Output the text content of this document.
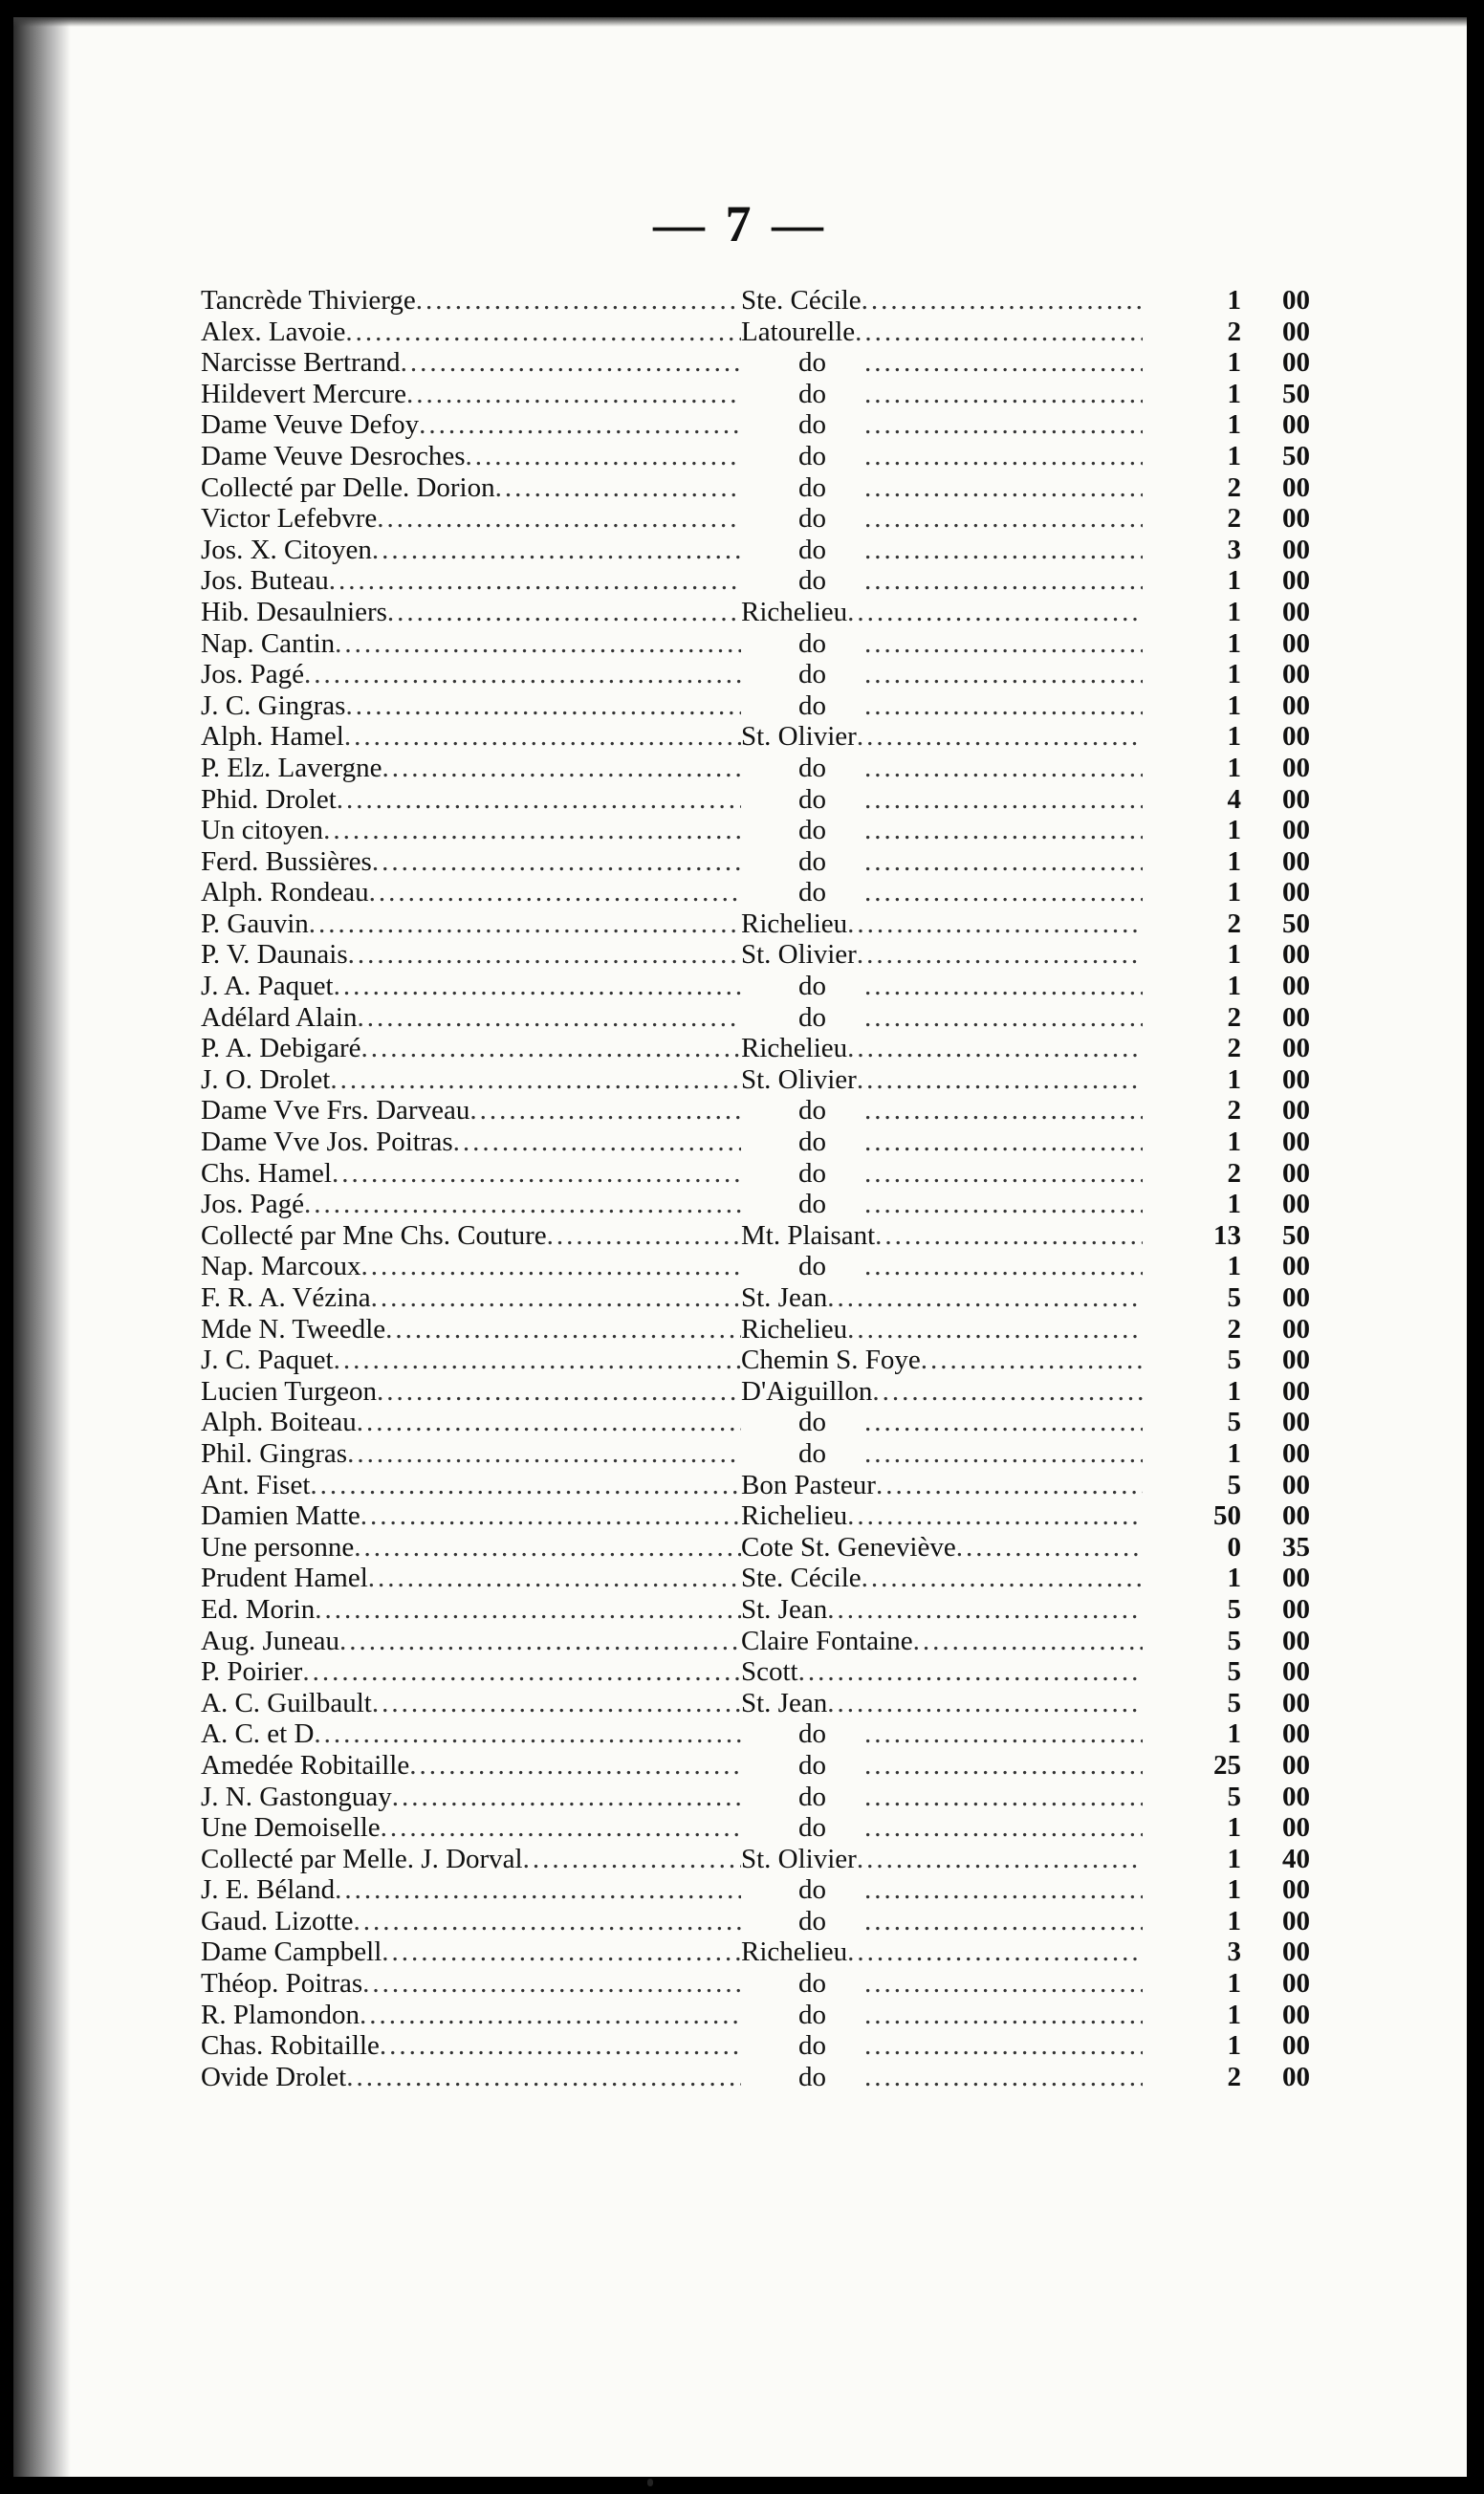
— 7 —
Tancrède Thivierge .....	Ste. Cécile .....	1	00
Alex. Lavoie .....	Latourelle .....	2	00
Narcisse Bertrand .....	do .....	1	00
Hildevert Mercure .....	do .....	1	50
Dame Veuve Defoy .....	do .....	1	00
Dame Veuve Desroches .....	do .....	1	50
Collecté par Delle. Dorion .....	do .....	2	00
Victor Lefebvre .....	do .....	2	00
Jos. X. Citoyen .....	do .....	3	00
Jos. Buteau .....	do .....	1	00
Hib. Desaulniers .....	Richelieu .....	1	00
Nap. Cantin .....	do .....	1	00
Jos. Pagé .....	do .....	1	00
J. C. Gingras .....	do .....	1	00
Alph. Hamel .....	St. Olivier .....	1	00
P. Elz. Lavergne .....	do .....	1	00
Phid. Drolet .....	do .....	4	00
Un citoyen .....	do .....	1	00
Ferd. Bussières .....	do .....	1	00
Alph. Rondeau .....	do .....	1	00
P. Gauvin .....	Richelieu .....	2	50
P. V. Daunais .....	St. Olivier .....	1	00
J. A. Paquet .....	do .....	1	00
Adélard Alain .....	do .....	2	00
P. A. Debigaré .....	Richelieu .....	2	00
J. O. Drolet .....	St. Olivier .....	1	00
Dame Vve Frs. Darveau .....	do .....	2	00
Dame Vve Jos. Poitras .....	do .....	1	00
Chs. Hamel .....	do .....	2	00
Jos. Pagé .....	do .....	1	00
Collecté par Mne Chs. Couture .....	Mt. Plaisant .....	13	50
Nap. Marcoux .....	do .....	1	00
F. R. A. Vézina .....	St. Jean .....	5	00
Mde N. Tweedle .....	Richelieu .....	2	00
J. C. Paquet .....	Chemin S. Foye .....	5	00
Lucien Turgeon .....	D'Aiguillon .....	1	00
Alph. Boiteau .....	do .....	5	00
Phil. Gingras .....	do .....	1	00
Ant. Fiset .....	Bon Pasteur .....	5	00
Damien Matte .....	Richelieu .....	50	00
Une personne .....	Cote St. Geneviève .....	0	35
Prudent Hamel .....	Ste. Cécile .....	1	00
Ed. Morin .....	St. Jean .....	5	00
Aug. Juneau .....	Claire Fontaine .....	5	00
P. Poirier .....	Scott .....	5	00
A. C. Guilbault .....	St. Jean .....	5	00
A. C. et D .....	do .....	1	00
Amedée Robitaille .....	do .....	25	00
J. N. Gastonguay .....	do .....	5	00
Une Demoiselle .....	do .....	1	00
Collecté par Melle. J. Dorval .....	St. Olivier .....	1	40
J. E. Béland .....	do .....	1	00
Gaud. Lizotte .....	do .....	1	00
Dame Campbell .....	Richelieu .....	3	00
Théop. Poitras .....	do .....	1	00
R. Plamondon .....	do .....	1	00
Chas. Robitaille .....	do .....	1	00
Ovide Drolet .....	do .....	2	00
